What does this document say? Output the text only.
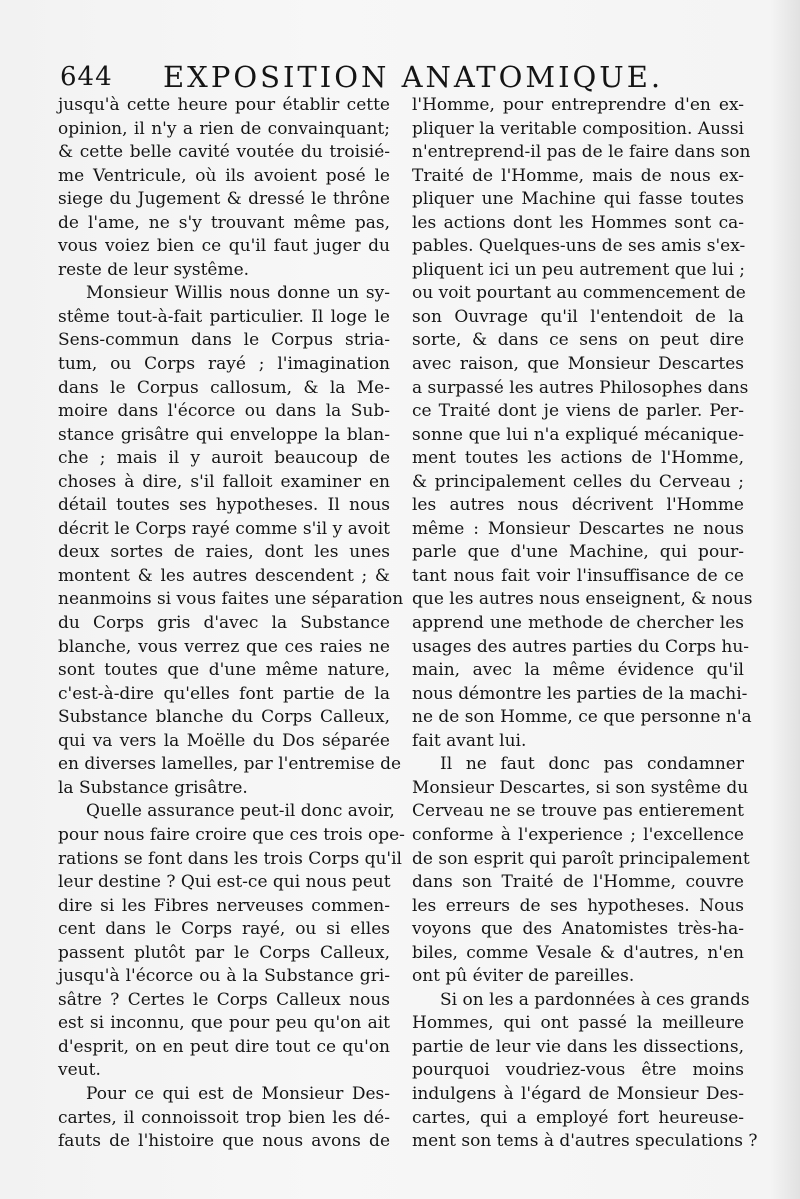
644 EXPOSITION ANATOMIQUE.
jusqu'à cette heure pour établir cette
opinion, il n'y a rien de convainquant;
& cette belle cavité voutée du troisié-
me Ventricule, où ils avoient posé le
siege du Jugement & dressé le thrône
de l'ame, ne s'y trouvant même pas,
vous voiez bien ce qu'il faut juger du
reste de leur systême.
Monsieur Willis nous donne un sy-
stême tout-à-fait particulier. Il loge le
Sens-commun dans le Corpus stria-
tum, ou Corps rayé ; l'imagination
dans le Corpus callosum, & la Me-
moire dans l'écorce ou dans la Sub-
stance grisâtre qui enveloppe la blan-
che ; mais il y auroit beaucoup de
choses à dire, s'il falloit examiner en
détail toutes ses hypotheses. Il nous
décrit le Corps rayé comme s'il y avoit
deux sortes de raies, dont les unes
montent & les autres descendent ; &
neanmoins si vous faites une séparation
du Corps gris d'avec la Substance
blanche, vous verrez que ces raies ne
sont toutes que d'une même nature,
c'est-à-dire qu'elles font partie de la
Substance blanche du Corps Calleux,
qui va vers la Moëlle du Dos séparée
en diverses lamelles, par l'entremise de
la Substance grisâtre.
Quelle assurance peut-il donc avoir,
pour nous faire croire que ces trois ope-
rations se font dans les trois Corps qu'il
leur destine ? Qui est-ce qui nous peut
dire si les Fibres nerveuses commen-
cent dans le Corps rayé, ou si elles
passent plutôt par le Corps Calleux,
jusqu'à l'écorce ou à la Substance gri-
sâtre ? Certes le Corps Calleux nous
est si inconnu, que pour peu qu'on ait
d'esprit, on en peut dire tout ce qu'on
veut.
Pour ce qui est de Monsieur Des-
cartes, il connoissoit trop bien les dé-
fauts de l'histoire que nous avons de
l'Homme, pour entreprendre d'en ex-
pliquer la veritable composition. Aussi
n'entreprend-il pas de le faire dans son
Traité de l'Homme, mais de nous ex-
pliquer une Machine qui fasse toutes
les actions dont les Hommes sont ca-
pables. Quelques-uns de ses amis s'ex-
pliquent ici un peu autrement que lui ;
ou voit pourtant au commencement de
son Ouvrage qu'il l'entendoit de la
sorte, & dans ce sens on peut dire
avec raison, que Monsieur Descartes
a surpassé les autres Philosophes dans
ce Traité dont je viens de parler. Per-
sonne que lui n'a expliqué mécanique-
ment toutes les actions de l'Homme,
& principalement celles du Cerveau ;
les autres nous décrivent l'Homme
même : Monsieur Descartes ne nous
parle que d'une Machine, qui pour-
tant nous fait voir l'insuffisance de ce
que les autres nous enseignent, & nous
apprend une methode de chercher les
usages des autres parties du Corps hu-
main, avec la même évidence qu'il
nous démontre les parties de la machi-
ne de son Homme, ce que personne n'a
fait avant lui.
Il ne faut donc pas condamner
Monsieur Descartes, si son systême du
Cerveau ne se trouve pas entierement
conforme à l'experience ; l'excellence
de son esprit qui paroît principalement
dans son Traité de l'Homme, couvre
les erreurs de ses hypotheses. Nous
voyons que des Anatomistes très-ha-
biles, comme Vesale & d'autres, n'en
ont pû éviter de pareilles.
Si on les a pardonnées à ces grands
Hommes, qui ont passé la meilleure
partie de leur vie dans les dissections,
pourquoi voudriez-vous être moins
indulgens à l'égard de Monsieur Des-
cartes, qui a employé fort heureuse-
ment son tems à d'autres speculations ?
